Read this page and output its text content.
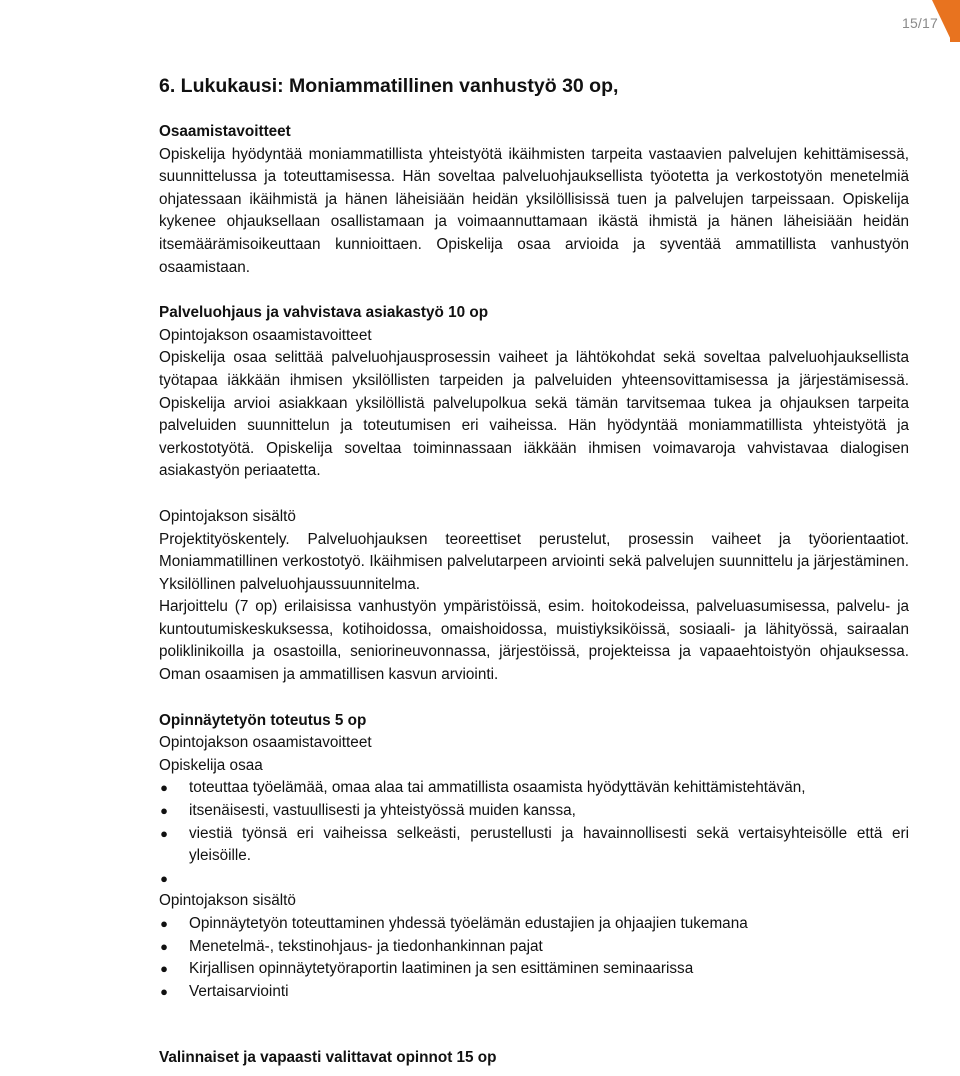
15/17
6. Lukukausi: Moniammatillinen vanhustyö 30 op,
Osaamistavoitteet

Opiskelija hyödyntää moniammatillista yhteistyötä ikäihmisten tarpeita vastaavien palvelujen kehittämisessä, suunnittelussa ja toteuttamisessa. Hän soveltaa palveluohjauksellista työotetta ja verkostotyön menetelmiä ohjatessaan ikäihmistä ja hänen läheisiään heidän yksilöllisissä tuen ja palvelujen tarpeissaan. Opiskelija kykenee ohjauksellaan osallistamaan ja voimaannuttamaan ikästä ihmistä ja hänen läheisiään heidän itsemäärämisoikeuttaan kunnioittaen. Opiskelija osaa arvioida ja syventää ammatillista vanhustyön osaamistaan.

Palveluohjaus ja vahvistava asiakastyö 10 op

Opintojakson osaamistavoitteet

Opiskelija osaa selittää palveluohjausprosessin vaiheet ja lähtökohdat sekä soveltaa palveluohjauksellista työtapaa iäkkään ihmisen yksilöllisten tarpeiden ja palveluiden yhteensovittamisessa ja järjestämisessä. Opiskelija arvioi asiakkaan yksilöllistä palvelupolkua sekä tämän tarvitsemaa tukea ja ohjauksen tarpeita palveluiden suunnittelun ja toteutumisen eri vaiheissa. Hän hyödyntää moniammatillista yhteistyötä ja verkostotyötä. Opiskelija soveltaa toiminnassaan iäkkään ihmisen voimavaroja vahvistavaa dialogisen asiakastyön periaatetta.

Opintojakson sisältö

Projektityöskentely. Palveluohjauksen teoreettiset perustelut, prosessin vaiheet ja työorientaatiot. Moniammatillinen verkostotyö. Ikäihmisen palvelutarpeen arviointi sekä palvelujen suunnittelu ja järjestäminen. Yksilöllinen palveluohjaussuunnitelma.

Harjoittelu (7 op) erilaisissa vanhustyön ympäristöissä, esim. hoitokodeissa, palveluasumisessa, palvelu- ja kuntoutumiskeskuksessa, kotihoidossa, omaishoidossa, muistiyksiköissä, sosiaali- ja lähityössä, sairaalan poliklinikoilla ja osastoilla, seniorineuvonnassa, järjestöissä, projekteissa ja vapaaehtoistyön ohjauksessa. Oman osaamisen ja ammatillisen kasvun arviointi.

Opinnäytetyön toteutus 5 op

Opintojakson osaamistavoitteet

Opiskelija osaa

● toteuttaa työelämää, omaa alaa tai ammatillista osaamista hyödyttävän kehittämistehtävän,
● itsenäisesti, vastuullisesti ja yhteistyössä muiden kanssa,
● viestiä työnsä eri vaiheissa selkeästi, perustellusti ja havainnollisesti sekä vertaisyhteisölle että eri yleisöille.
●

Opintojakson sisältö

● Opinnäytetyön toteuttaminen yhdessä työelämän edustajien ja ohjaajien tukemana
● Menetelmä-, tekstinohjaus- ja tiedonhankinnan pajat
● Kirjallisen opinnäytetyöraportin laatiminen ja sen esittäminen seminaarissa
● Vertaisarviointi
Valinnaiset ja vapaasti valittavat opinnot 15 op
